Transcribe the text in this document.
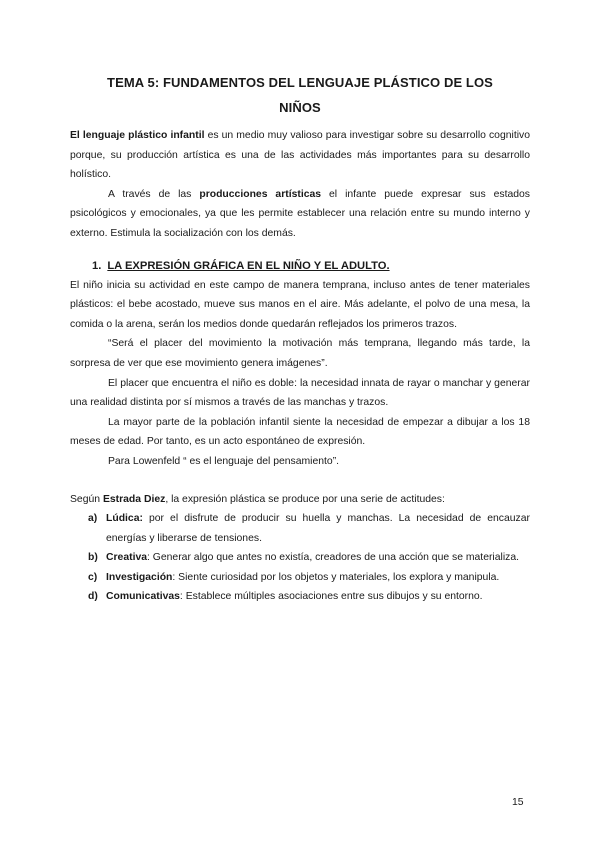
TEMA 5: FUNDAMENTOS DEL LENGUAJE PLÁSTICO DE LOS
NIÑOS

El lenguaje plástico infantil es un medio muy valioso para investigar sobre su desarrollo cognitivo porque, su producción artística es una de las actividades más importantes para su desarrollo holístico.

A través de las producciones artísticas el infante puede expresar sus estados psicológicos y emocionales, ya que les permite establecer una relación entre su mundo interno y externo. Estimula la socialización con los demás.

1. LA EXPRESIÓN GRÁFICA EN EL NIÑO Y EL ADULTO.

El niño inicia su actividad en este campo de manera temprana, incluso antes de tener materiales plásticos: el bebe acostado, mueve sus manos en el aire. Más adelante, el polvo de una mesa, la comida o la arena, serán los medios donde quedarán reflejados los primeros trazos.

“Será el placer del movimiento la motivación más temprana, llegando más tarde, la sorpresa de ver que ese movimiento genera imágenes”.

El placer que encuentra el niño es doble: la necesidad innata de rayar o manchar y generar una realidad distinta por sí mismos a través de las manchas y trazos.

La mayor parte de la población infantil siente la necesidad de empezar a dibujar a los 18 meses de edad. Por tanto, es un acto espontáneo de expresión.

Para Lowenfeld “ es el lenguaje del pensamiento”.

Según Estrada Diez, la expresión plástica se produce por una serie de actitudes:

a) Lúdica: por el disfrute de producir su huella y manchas. La necesidad de encauzar energías y liberarse de tensiones.
b) Creativa: Generar algo que antes no existía, creadores de una acción que se materializa.
c) Investigación: Siente curiosidad por los objetos y materiales, los explora y manipula.
d) Comunicativas: Establece múltiples asociaciones entre sus dibujos y su entorno.
15
